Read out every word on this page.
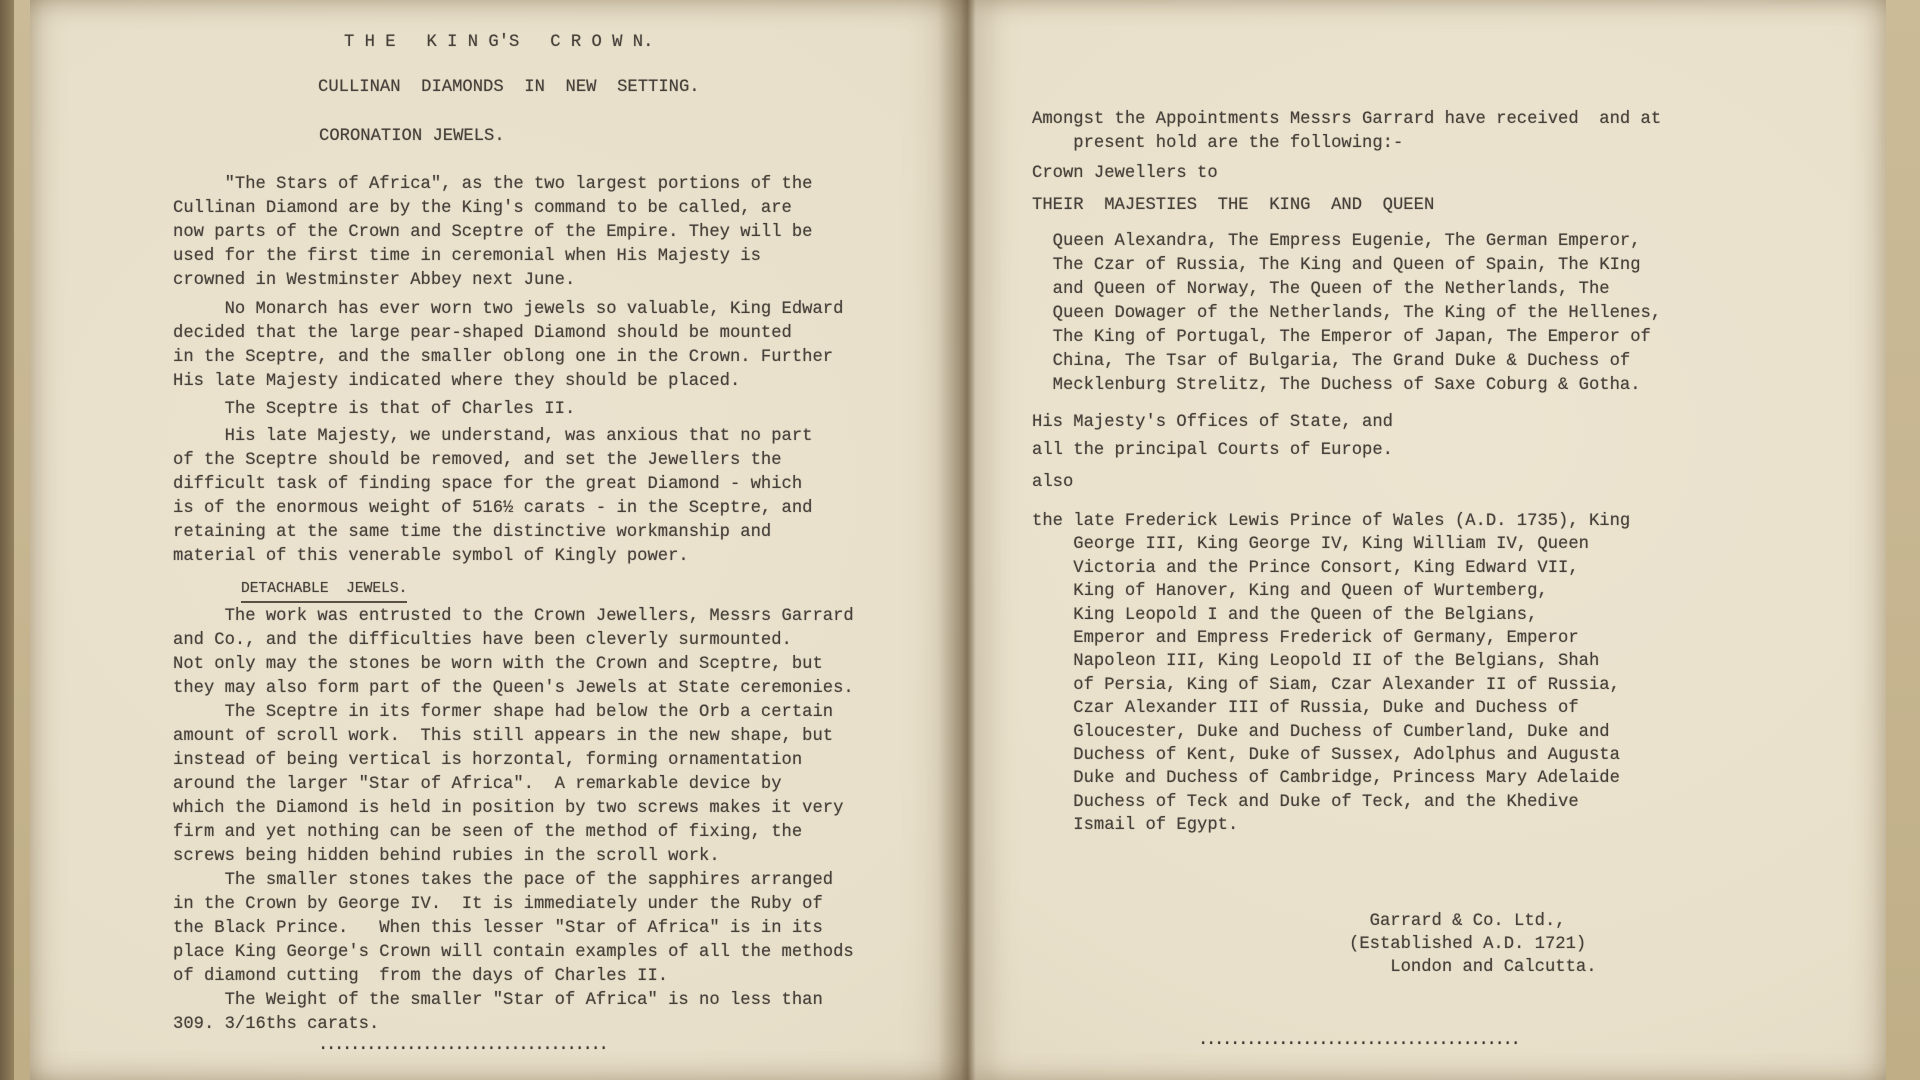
T H E   K I N G'S   C R O W N.
CULLINAN  DIAMONDS  IN  NEW  SETTING.
CORONATION JEWELS.
"The Stars of Africa", as the two largest portions of the
Cullinan Diamond are by the King's command to be called, are
now parts of the Crown and Sceptre of the Empire. They will be
used for the first time in ceremonial when His Majesty is
crowned in Westminster Abbey next June.
No Monarch has ever worn two jewels so valuable, King Edward
decided that the large pear-shaped Diamond should be mounted
in the Sceptre, and the smaller oblong one in the Crown. Further
His late Majesty indicated where they should be placed.
The Sceptre is that of Charles II.
His late Majesty, we understand, was anxious that no part
of the Sceptre should be removed, and set the Jewellers the
difficult task of finding space for the great Diamond - which
is of the enormous weight of 516½ carats - in the Sceptre, and
retaining at the same time the distinctive workmanship and
material of this venerable symbol of Kingly power.
DETACHABLE  JEWELS.
The work was entrusted to the Crown Jewellers, Messrs Garrard
and Co., and the difficulties have been cleverly surmounted.
Not only may the stones be worn with the Crown and Sceptre, but
they may also form part of the Queen's Jewels at State ceremonies.
The Sceptre in its former shape had below the Orb a certain
amount of scroll work.  This still appears in the new shape, but
instead of being vertical is horzontal, forming ornamentation
around the larger "Star of Africa".  A remarkable device by
which the Diamond is held in position by two screws makes it very
firm and yet nothing can be seen of the method of fixing, the
screws being hidden behind rubies in the scroll work.
The smaller stones takes the pace of the sapphires arranged
in the Crown by George IV.  It is immediately under the Ruby of
the Black Prince.   When this lesser "Star of Africa" is in its
place King George's Crown will contain examples of all the methods
of diamond cutting  from the days of Charles II.
The Weight of the smaller "Star of Africa" is no less than
309. 3/16ths carats.
....................................
Amongst the Appointments Messrs Garrard have received  and at
present hold are the following:-
Crown Jewellers to
THEIR  MAJESTIES  THE  KING  AND  QUEEN
Queen Alexandra, The Empress Eugenie, The German Emperor,
The Czar of Russia, The King and Queen of Spain, The KIng
and Queen of Norway, The Queen of the Netherlands, The
Queen Dowager of the Netherlands, The King of the Hellenes,
The King of Portugal, The Emperor of Japan, The Emperor of
China, The Tsar of Bulgaria, The Grand Duke & Duchess of
Mecklenburg Strelitz, The Duchess of Saxe Coburg & Gotha.
His Majesty's Offices of State, and
all the principal Courts of Europe.
also
the late Frederick Lewis Prince of Wales (A.D. 1735), King
George III, King George IV, King William IV, Queen
Victoria and the Prince Consort, King Edward VII,
King of Hanover, King and Queen of Wurtemberg,
King Leopold I and the Queen of the Belgians,
Emperor and Empress Frederick of Germany, Emperor
Napoleon III, King Leopold II of the Belgians, Shah
of Persia, King of Siam, Czar Alexander II of Russia,
Czar Alexander III of Russia, Duke and Duchess of
Gloucester, Duke and Duchess of Cumberland, Duke and
Duchess of Kent, Duke of Sussex, Adolphus and Augusta
Duke and Duchess of Cambridge, Princess Mary Adelaide
Duchess of Teck and Duke of Teck, and the Khedive
Ismail of Egypt.
Garrard & Co. Ltd.,
(Established A.D. 1721)
London and Calcutta.
........................................
